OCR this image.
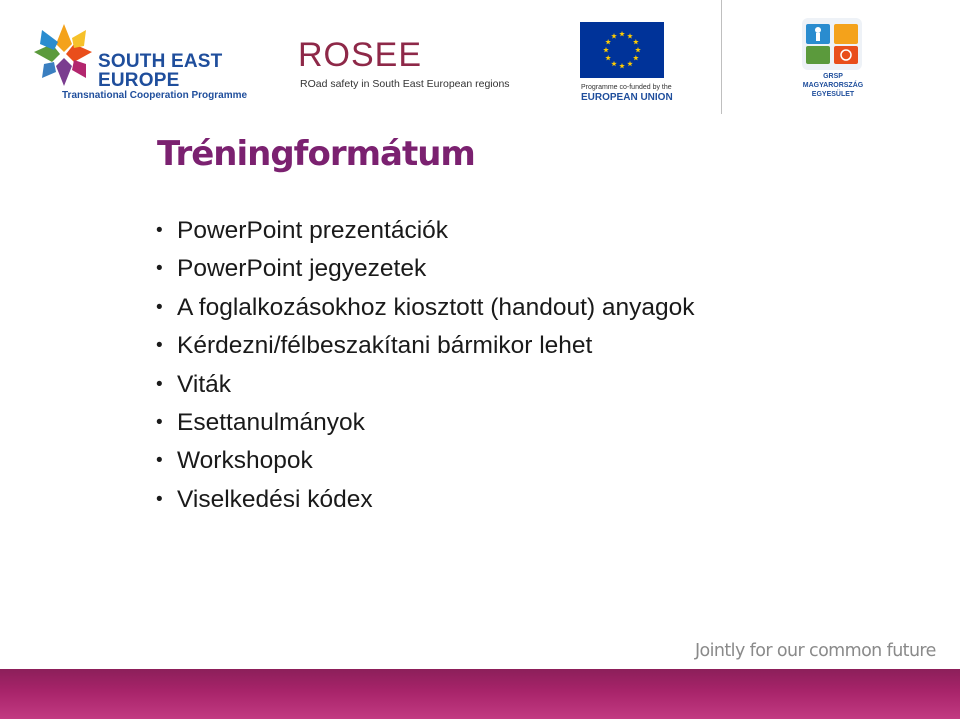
SOUTH EAST
EUROPE
Transnational Cooperation Programme
ROSEE
ROad safety in South East European regions	Programme co-funded by the
EUROPEAN UNION
GRSP
MAGYARORSZÁG
EGYESÜLET
Tréningformátum
• PowerPoint prezentációk
• PowerPoint jegyezetek
• A foglalkozásokhoz kiosztott (handout) anyagok
• Kérdezni/félbeszakítani bármikor lehet
• Viták
• Esettanulmányok
• Workshopok
• Viselkedési kódex
Jointly for our common future
